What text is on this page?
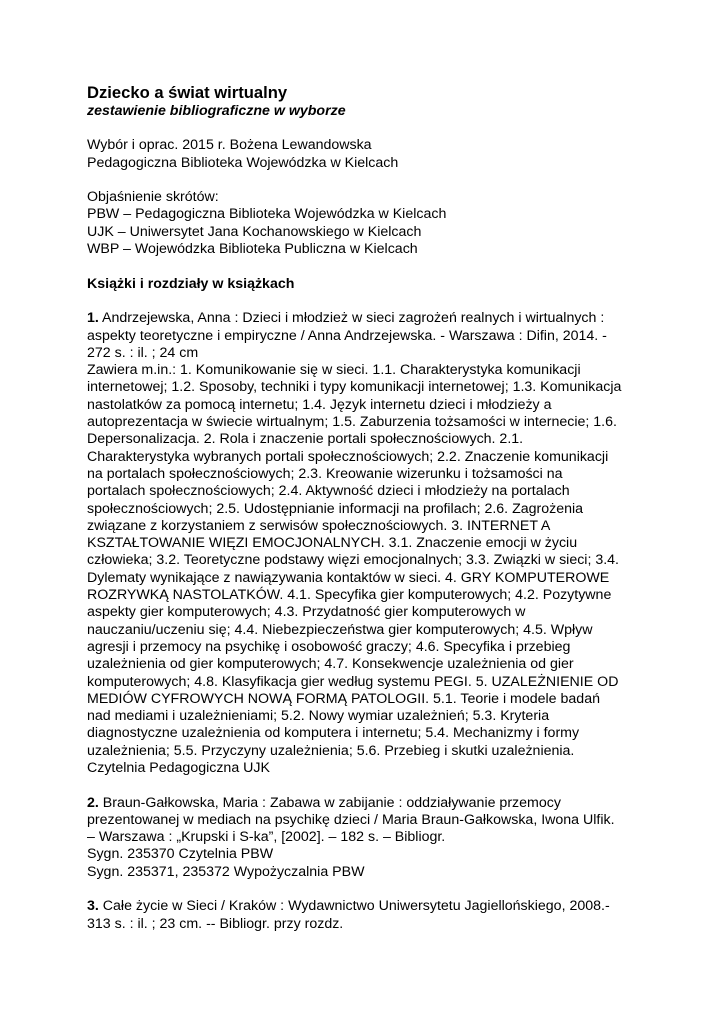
Dziecko a świat wirtualny
zestawienie bibliograficzne w wyborze
Wybór i oprac. 2015 r. Bożena Lewandowska
Pedagogiczna Biblioteka Wojewódzka w Kielcach
Objaśnienie skrótów:
PBW – Pedagogiczna Biblioteka Wojewódzka w Kielcach
UJK – Uniwersytet Jana Kochanowskiego w Kielcach
WBP – Wojewódzka Biblioteka Publiczna w Kielcach
Książki i rozdziały w książkach
1. Andrzejewska, Anna : Dzieci i młodzież w sieci zagrożeń realnych i wirtualnych :
aspekty teoretyczne i empiryczne / Anna Andrzejewska. - Warszawa : Difin, 2014. -
272 s. : il. ; 24 cm
Zawiera m.in.: 1. Komunikowanie się w sieci. 1.1. Charakterystyka komunikacji
internetowej; 1.2. Sposoby, techniki i typy komunikacji internetowej; 1.3. Komunikacja
nastolatków za pomocą internetu; 1.4. Język internetu dzieci i młodzieży a
autoprezentacja w świecie wirtualnym; 1.5. Zaburzenia tożsamości w internecie; 1.6.
Depersonalizacja. 2. Rola i znaczenie portali społecznościowych. 2.1.
Charakterystyka wybranych portali społecznościowych; 2.2. Znaczenie komunikacji
na portalach społecznościowych; 2.3. Kreowanie wizerunku i tożsamości na
portalach społecznościowych; 2.4. Aktywność dzieci i młodzieży na portalach
społecznościowych; 2.5. Udostępnianie informacji na profilach; 2.6. Zagrożenia
związane z korzystaniem z serwisów społecznościowych. 3. INTERNET A
KSZTAŁTOWANIE WIĘZI EMOCJONALNYCH. 3.1. Znaczenie emocji w życiu
człowieka; 3.2. Teoretyczne podstawy więzi emocjonalnych; 3.3. Związki w sieci; 3.4.
Dylematy wynikające z nawiązywania kontaktów w sieci. 4. GRY KOMPUTEROWE
ROZRYWKĄ NASTOLATKÓW. 4.1. Specyfika gier komputerowych; 4.2. Pozytywne
aspekty gier komputerowych; 4.3. Przydatność gier komputerowych w
nauczaniu/uczeniu się; 4.4. Niebezpieczeństwa gier komputerowych; 4.5. Wpływ
agresji i przemocy na psychikę i osobowość graczy; 4.6. Specyfika i przebieg
uzależnienia od gier komputerowych; 4.7. Konsekwencje uzależnienia od gier
komputerowych; 4.8. Klasyfikacja gier według systemu PEGI. 5. UZALEŻNIENIE OD
MEDIÓW CYFROWYCH NOWĄ FORMĄ PATOLOGII. 5.1. Teorie i modele badań
nad mediami i uzależnieniami; 5.2. Nowy wymiar uzależnień; 5.3. Kryteria
diagnostyczne uzależnienia od komputera i internetu; 5.4. Mechanizmy i formy
uzależnienia; 5.5. Przyczyny uzależnienia; 5.6. Przebieg i skutki uzależnienia.
Czytelnia Pedagogiczna UJK
2. Braun-Gałkowska, Maria : Zabawa w zabijanie : oddziaływanie przemocy
prezentowanej w mediach na psychikę dzieci / Maria Braun-Gałkowska, Iwona Ulfik.
– Warszawa : „Krupski i S-ka”, [2002]. – 182 s. – Bibliogr.
Sygn. 235370 Czytelnia PBW
Sygn. 235371, 235372 Wypożyczalnia PBW
3. Całe życie w Sieci / Kraków : Wydawnictwo Uniwersytetu Jagiellońskiego, 2008.-
313 s. : il. ; 23 cm. -- Bibliogr. przy rozdz.
